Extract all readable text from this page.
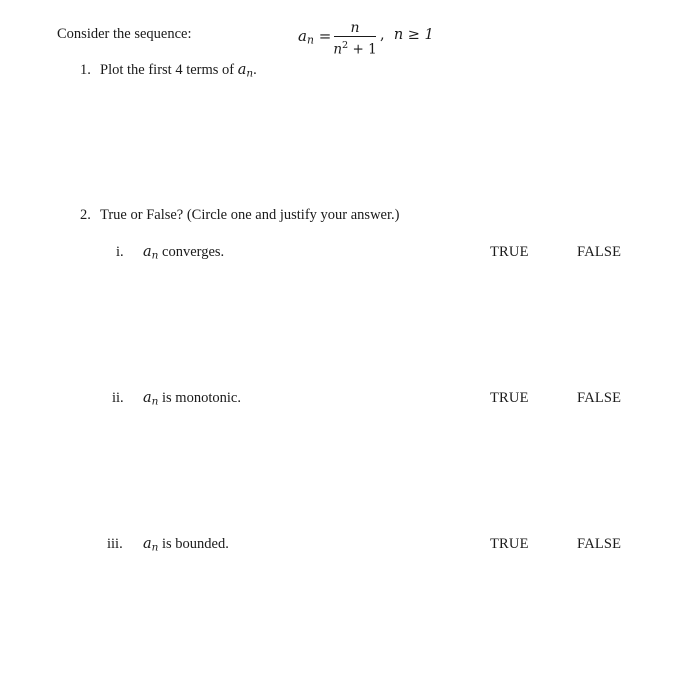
Consider the sequence:	$a_n$ =	n
$n^2 + 1$
, n ≥ 1
1. Plot the first 4 terms of $a_n$.
2. True or False? (Circle one and justify your answer.)
i. $a_n$ converges.	TRUE	FALSE
ii. $a_n$ is monotonic.	TRUE	FALSE
iii. $a_n$ is bounded.	TRUE	FALSE
